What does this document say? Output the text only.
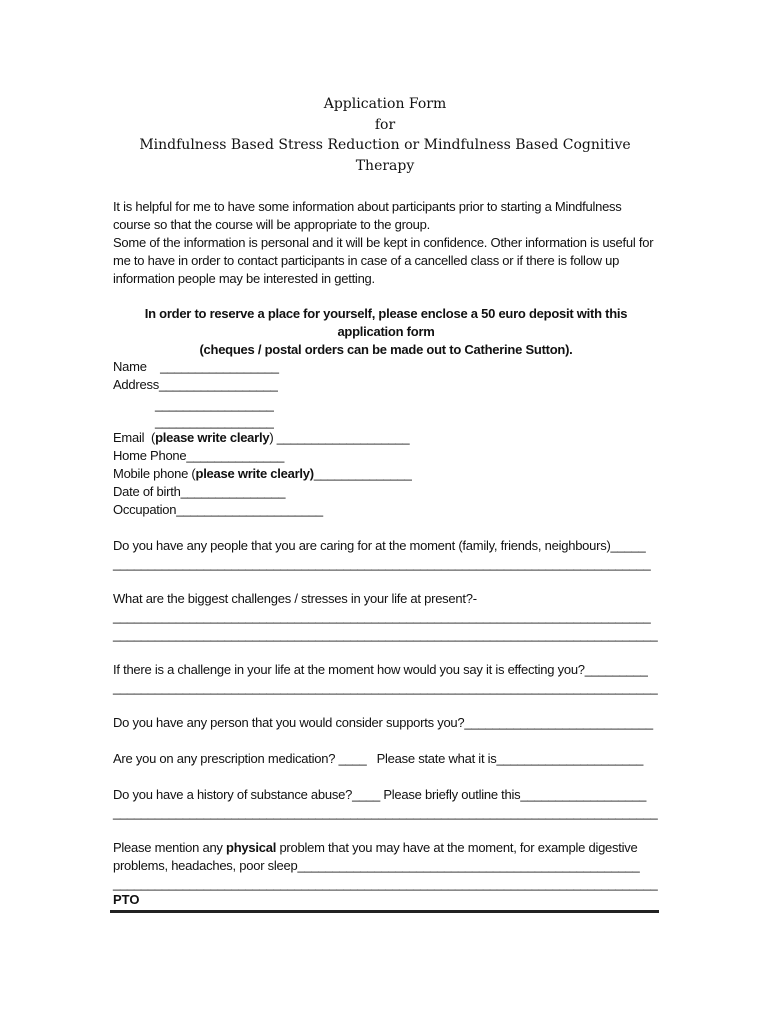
Application Form
for
Mindfulness Based Stress Reduction or Mindfulness Based Cognitive
Therapy
It is helpful for me to have some information about participants prior to starting a Mindfulness
course so that the course will be appropriate to the group.
Some of the information is personal and it will be kept in confidence. Other information is useful for
me to have in order to contact participants in case of a cancelled class or if there is follow up
information people may be interested in getting.
In order to reserve a place for yourself, please enclose a 50 euro deposit with this
application form
(cheques / postal orders can be made out to Catherine Sutton).
Name    _________________
Address_________________
_________________
_________________
Email  (please write clearly) ___________________
Home Phone______________
Mobile phone (please write clearly)______________
Date of birth_______________
Occupation_____________________
Do you have any people that you are caring for at the moment (family, friends, neighbours)_____
_____________________________________________________________________________
What are the biggest challenges / stresses in your life at present?-
_____________________________________________________________________________
______________________________________________________________________________
If there is a challenge in your life at the moment how would you say it is effecting you?_________
______________________________________________________________________________
Do you have any person that you would consider supports you?___________________________
Are you on any prescription medication? ____   Please state what it is_____________________
Do you have a history of substance abuse?____ Please briefly outline this__________________
______________________________________________________________________________
Please mention any physical problem that you may have at the moment, for example digestive
problems, headaches, poor sleep_________________________________________________
______________________________________________________________________________
PTO
